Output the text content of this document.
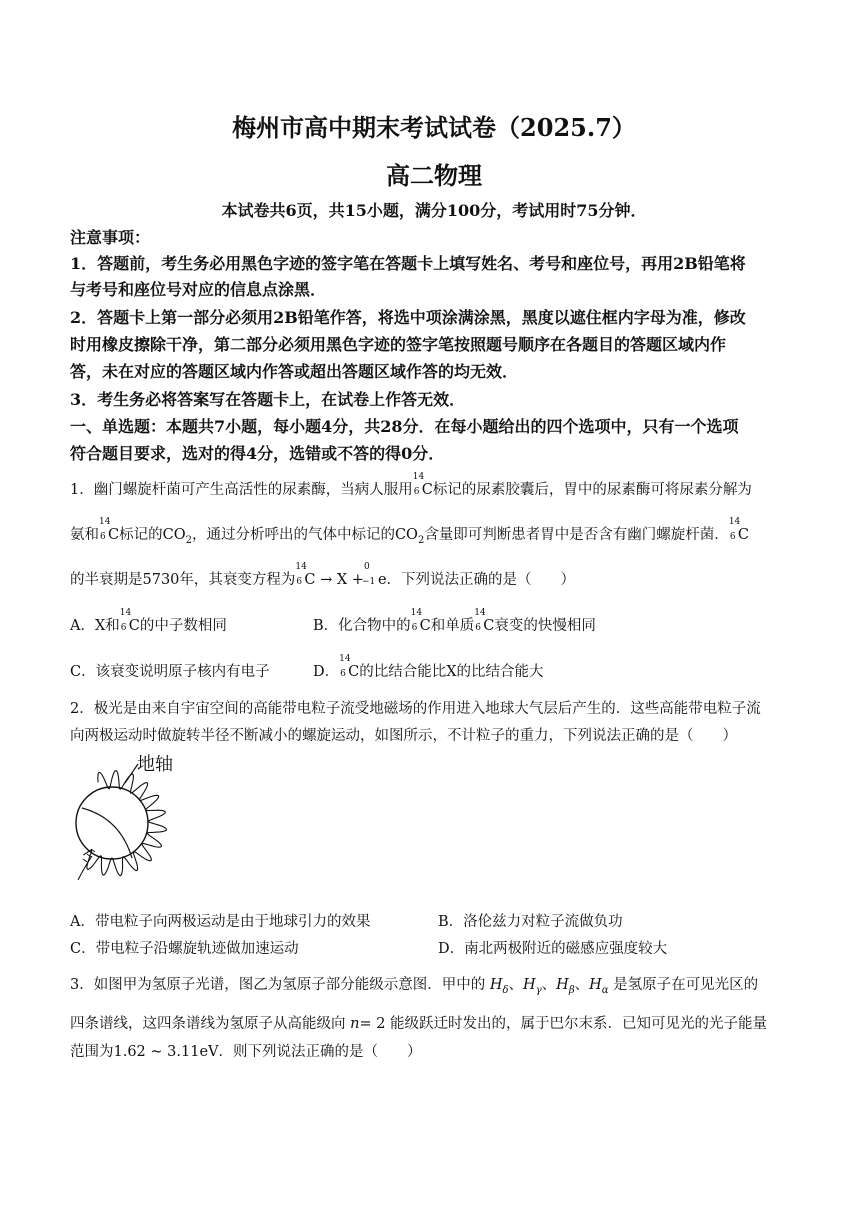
梅州市高中期末考试试卷（2025.7）
高二物理
本试卷共6页，共15小题，满分100分，考试用时75分钟．
注意事项：
1．答题前，考生务必用黑色字迹的签字笔在答题卡上填写姓名、考号和座位号，再用2B铅笔将
与考号和座位号对应的信息点涂黑．
2．答题卡上第一部分必须用2B铅笔作答，将选中项涂满涂黑，黑度以遮住框内字母为准，修改
时用橡皮擦除干净，第二部分必须用黑色字迹的签字笔按照题号顺序在各题目的答题区域内作
答，未在对应的答题区域内作答或超出答题区域作答的均无效．
3．考生务必将答案写在答题卡上，在试卷上作答无效．
一、单选题：本题共7小题，每小题4分，共28分．在每小题给出的四个选项中，只有一个选项
符合题目要求，选对的得4分，选错或不答的得0分．
1．幽门螺旋杆菌可产生高活性的尿素酶，当病人服用
14
6 C标记的尿素胶囊后，胃中的尿素酶可将尿素分解为
氨和
14
6 C标记的$CO_2$，通过分析呼出的气体中标记的$CO_2$含量即可判断患者胃中是否含有幽门螺旋杆菌．
14
6 C
的半衰期是5730年，其衰变方程为
14
6 C → X +
0
−1 e．下列说法正确的是（　　）
A．X和
14
6 C的中子数相同	B．化合物中的
14
6 C和单质
14
6 C衰变的快慢相同
C．该衰变说明原子核内有电子	D．
14
6 C的比结合能比X的比结合能大
2．极光是由来自宇宙空间的高能带电粒子流受地磁场的作用进入地球大气层后产生的．这些高能带电粒子流
向两极运动时做旋转半径不断减小的螺旋运动，如图所示，不计粒子的重力，下列说法正确的是（　　）
地轴
A．带电粒子向两极运动是由于地球引力的效果	B．洛伦兹力对粒子流做负功
C．带电粒子沿螺旋轨迹做加速运动	D．南北两极附近的磁感应强度较大
3．如图甲为氢原子光谱，图乙为氢原子部分能级示意图．甲中的 $H_\delta$、$H_\gamma$、$H_\beta$、$H_\alpha$ 是氢原子在可见光区的
四条谱线，这四条谱线为氢原子从高能级向 n= 2 能级跃迁时发出的，属于巴尔末系．已知可见光的光子能量
范围为1.62 ~ 3.11eV．则下列说法正确的是（　　）
